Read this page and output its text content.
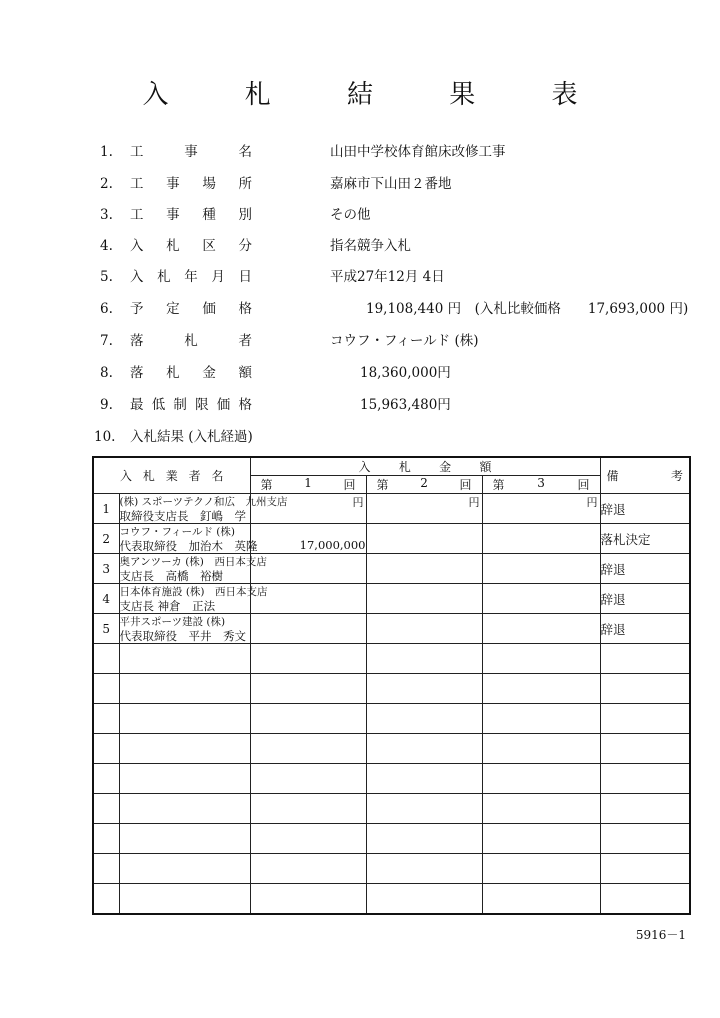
入 札 結 果 表
1.	工	事	名	山田中学校体育館床改修工事
2.	工 事 場 所	嘉麻市下山田２番地
3.	工 事 種 別	その他
4.	入 札 区 分	指名競争入札
5.	入 札 年 月 日	平成27年12月 4日
6.	予 定 価 格	19,108,440 円　(入札比較価格　　17,693,000 円)
7.	落	札	者	コウフ・フィールド (株)
8.	落 札 金 額	18,360,000円
9.	最 低 制 限 価 格	15,963,480円
10.	入札結果 (入札経過)
入 札 業 者 名		入 札 金 額			備 考

		第 1 回	第 2 回	第 3 回	

1	(株) スポーツテクノ和広　九州支店
取締役支店長　釘嶋　学	円	円	円	辞退
2	コウフ・フィールド (株)
代表取締役　加治木　英隆	17,000,000			落札決定
3	奥アンツーカ (株)　西日本支店
支店長　高橋　裕樹				辞退
4	日本体育施設 (株)　西日本支店
支店長 神倉　正法				辞退
5	平井スポーツ建設 (株)
代表取締役　平井　秀文				辞退

5916－1
